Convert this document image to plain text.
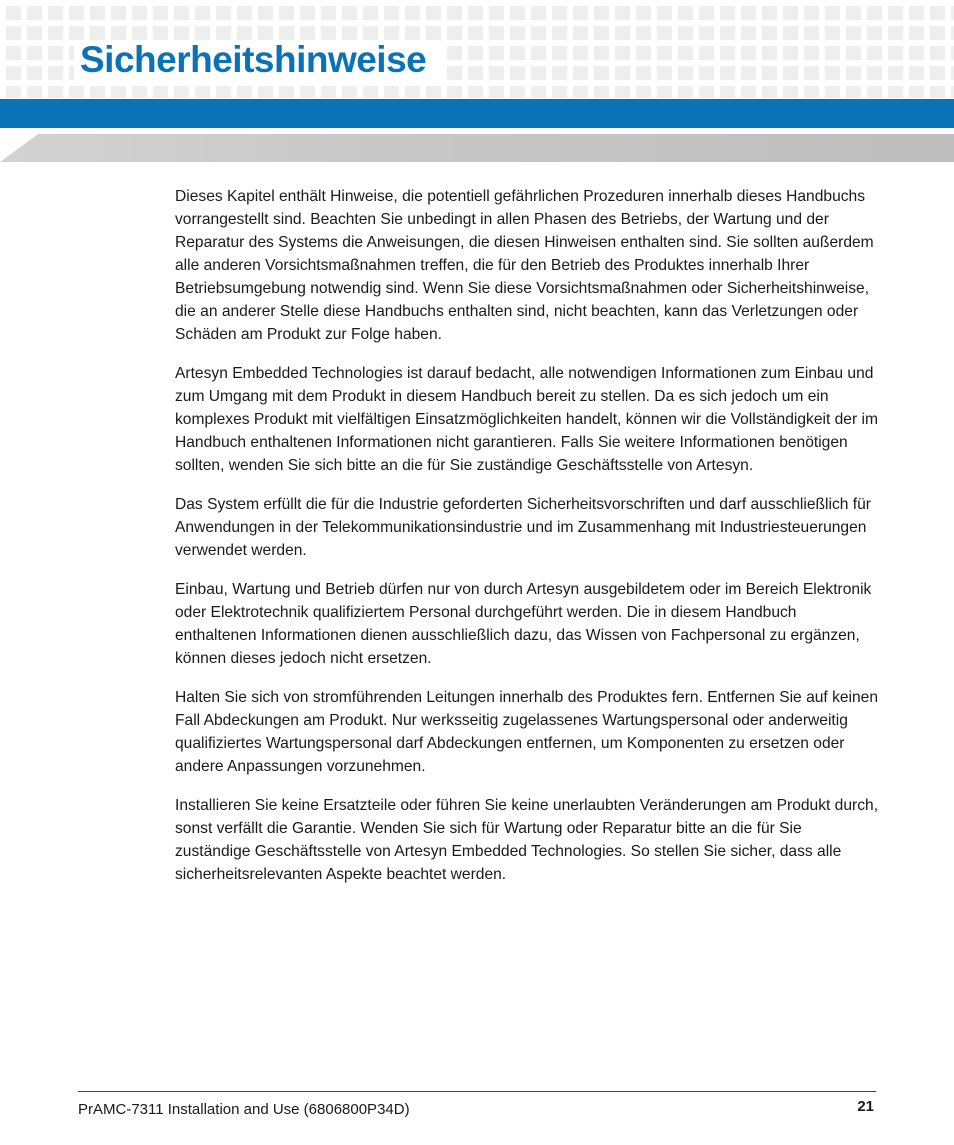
Sicherheitshinweise

Dieses Kapitel enthält Hinweise, die potentiell gefährlichen Prozeduren innerhalb dieses Handbuchs vorrangestellt sind. Beachten Sie unbedingt in allen Phasen des Betriebs, der Wartung und der Reparatur des Systems die Anweisungen, die diesen Hinweisen enthalten sind. Sie sollten außerdem alle anderen Vorsichtsmaßnahmen treffen, die für den Betrieb des Produktes innerhalb Ihrer Betriebsumgebung notwendig sind. Wenn Sie diese Vorsichtsmaßnahmen oder Sicherheitshinweise, die an anderer Stelle diese Handbuchs enthalten sind, nicht beachten, kann das Verletzungen oder Schäden am Produkt zur Folge haben.

Artesyn Embedded Technologies ist darauf bedacht, alle notwendigen Informationen zum Einbau und zum Umgang mit dem Produkt in diesem Handbuch bereit zu stellen. Da es sich jedoch um ein komplexes Produkt mit vielfältigen Einsatzmöglichkeiten handelt, können wir die Vollständigkeit der im Handbuch enthaltenen Informationen nicht garantieren. Falls Sie weitere Informationen benötigen sollten, wenden Sie sich bitte an die für Sie zuständige Geschäftsstelle von Artesyn.

Das System erfüllt die für die Industrie geforderten Sicherheitsvorschriften und darf ausschließlich für Anwendungen in der Telekommunikationsindustrie und im Zusammenhang mit Industriesteuerungen verwendet werden.

Einbau, Wartung und Betrieb dürfen nur von durch Artesyn ausgebildetem oder im Bereich Elektronik oder Elektrotechnik qualifiziertem Personal durchgeführt werden. Die in diesem Handbuch enthaltenen Informationen dienen ausschließlich dazu, das Wissen von Fachpersonal zu ergänzen, können dieses jedoch nicht ersetzen.

Halten Sie sich von stromführenden Leitungen innerhalb des Produktes fern. Entfernen Sie auf keinen Fall Abdeckungen am Produkt. Nur werksseitig zugelassenes Wartungspersonal oder anderweitig qualifiziertes Wartungspersonal darf Abdeckungen entfernen, um Komponenten zu ersetzen oder andere Anpassungen vorzunehmen.

Installieren Sie keine Ersatzteile oder führen Sie keine unerlaubten Veränderungen am Produkt durch, sonst verfällt die Garantie. Wenden Sie sich für Wartung oder Reparatur bitte an die für Sie zuständige Geschäftsstelle von Artesyn Embedded Technologies. So stellen Sie sicher, dass alle sicherheitsrelevanten Aspekte beachtet werden.

PrAMC-7311 Installation and Use (6806800P34D)	21
